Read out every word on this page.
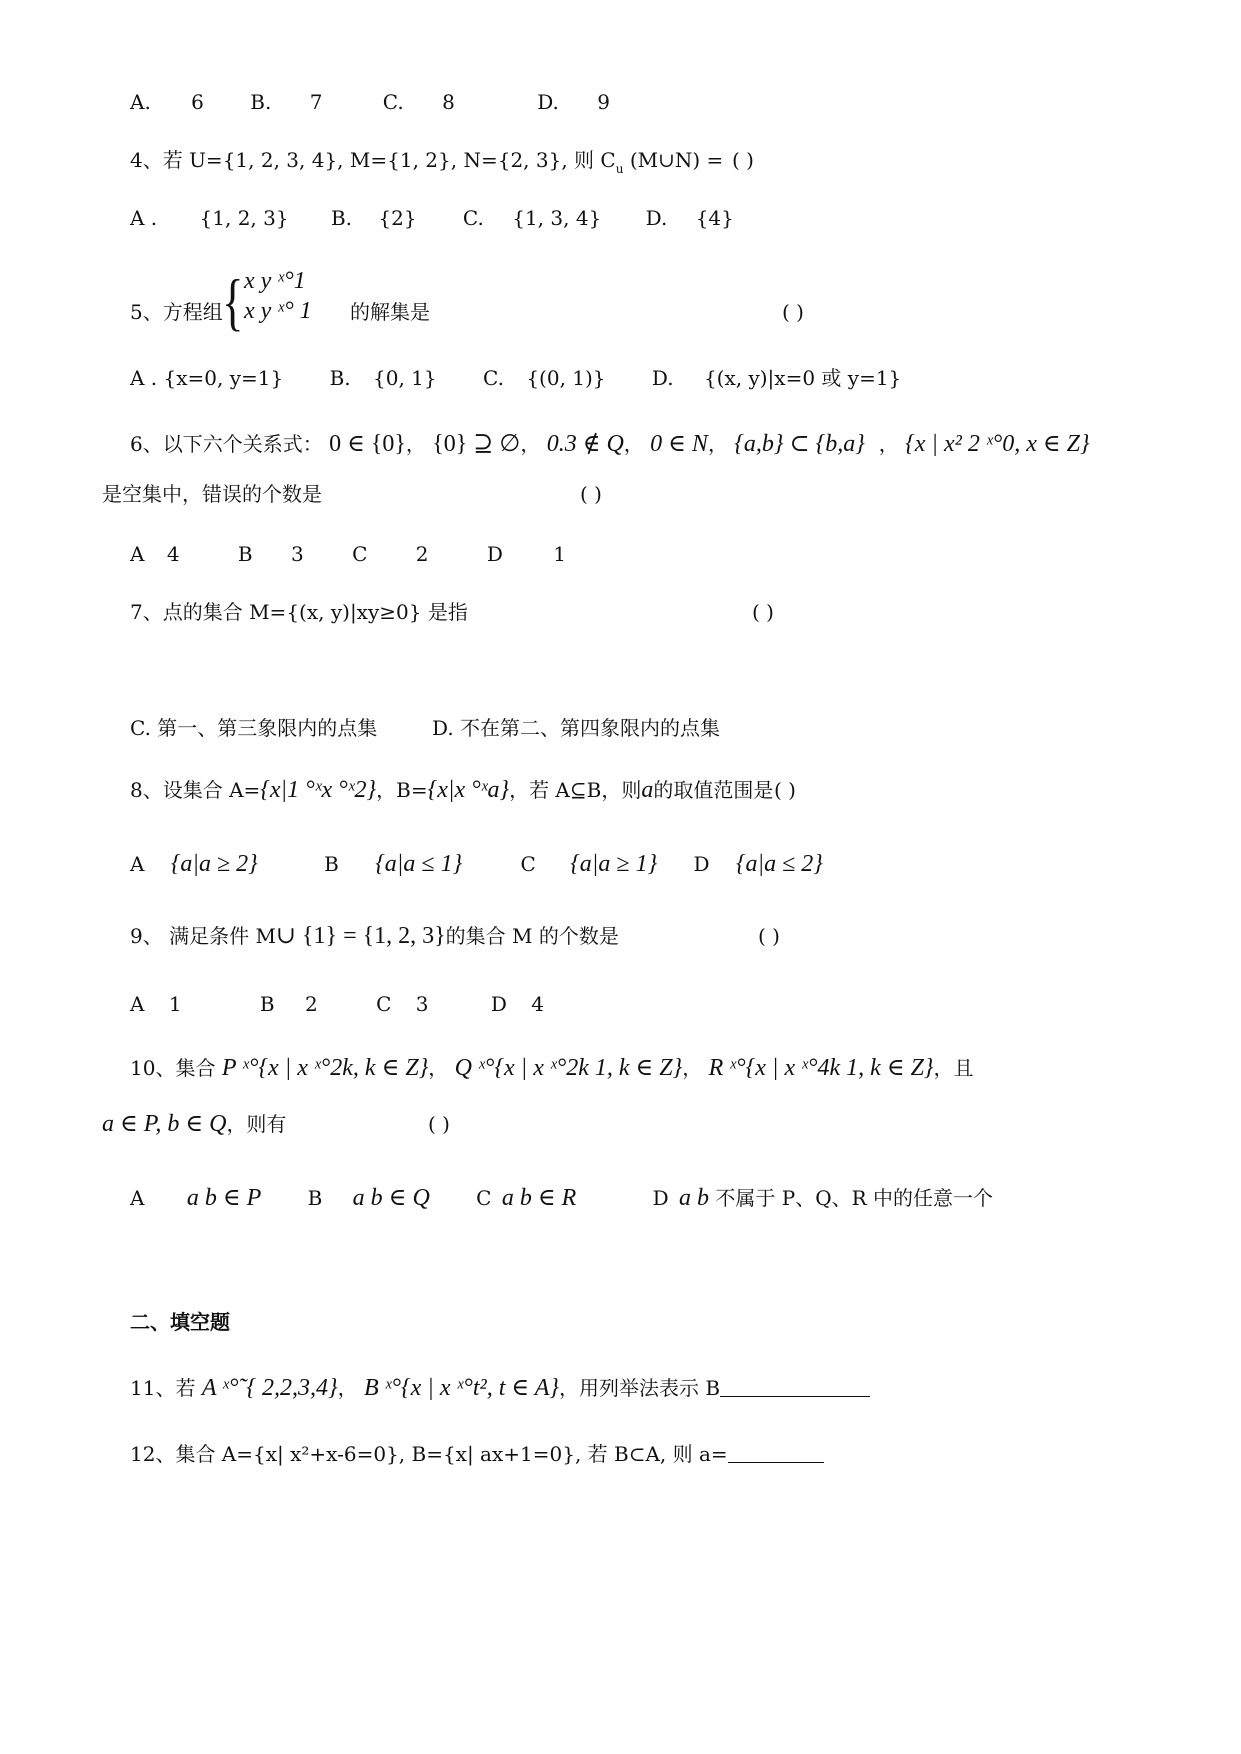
A. 6 B. 7	C. 8	D. 9
4、若 U={1, 2, 3, 4}, M={1, 2}, N={2, 3}, 则 $C_u$ (M∪N) = ( )
A . {1, 2, 3} B. {2} C. {1, 3, 4} D. {4}
5、方程组 { x y ˣ°1
x y ˣ° 1 的解集是	( )
A . {x=0, y=1} B. {0, 1} C. {(0, 1)} D. {(x, y)|x=0 或 y=1}
6、以下六个关系式： 0 ∈ {0}， {0} ⊇ ∅， 0.3 ∉ Q， 0 ∈ N， {a,b} ⊂ {b,a} ， {x | x² 2 ˣ°0, x ∈ Z}
是空集中，错误的个数是	( )
A 4	B 3 C 2	D	1
7、点的集合 M={(x, y)|xy≥0} 是指	( )
C. 第一、第三象限内的点集	D. 不在第二、第四象限内的点集
8、设集合 A={x|1 °ˣx °ˣ2}，B={x|x °ˣa}，若 A⊆B，则a的取值范围是 ( )
A {a|a ≥ 2}	B {a|a ≤ 1}	C {a|a ≥ 1} D {a|a ≤ 2}
9、 满足条件 M∪ {1} = {1, 2, 3}的集合 M 的个数是	( )
A 1	B 2	C 3	D 4
10、集合 P ˣ°{x | x ˣ°2k, k ∈ Z}， Q ˣ°{x | x ˣ°2k 1, k ∈ Z}， R ˣ°{x | x ˣ°4k 1, k ∈ Z}，且
a ∈ P, b ∈ Q，则有	( )
A a b ∈ P B a b ∈ Q C a b ∈ R	D a b 不属于 P、Q、R 中的任意一个
二、填空题
11、若 A ˣ°˜{ 2,2,3,4}， B ˣ°{x | x ˣ°t², t ∈ A}，用列举法表示 B
12、集合 A={x| x²+x-6=0}, B={x| ax+1=0}, 若 B⊂A, 则 a=
